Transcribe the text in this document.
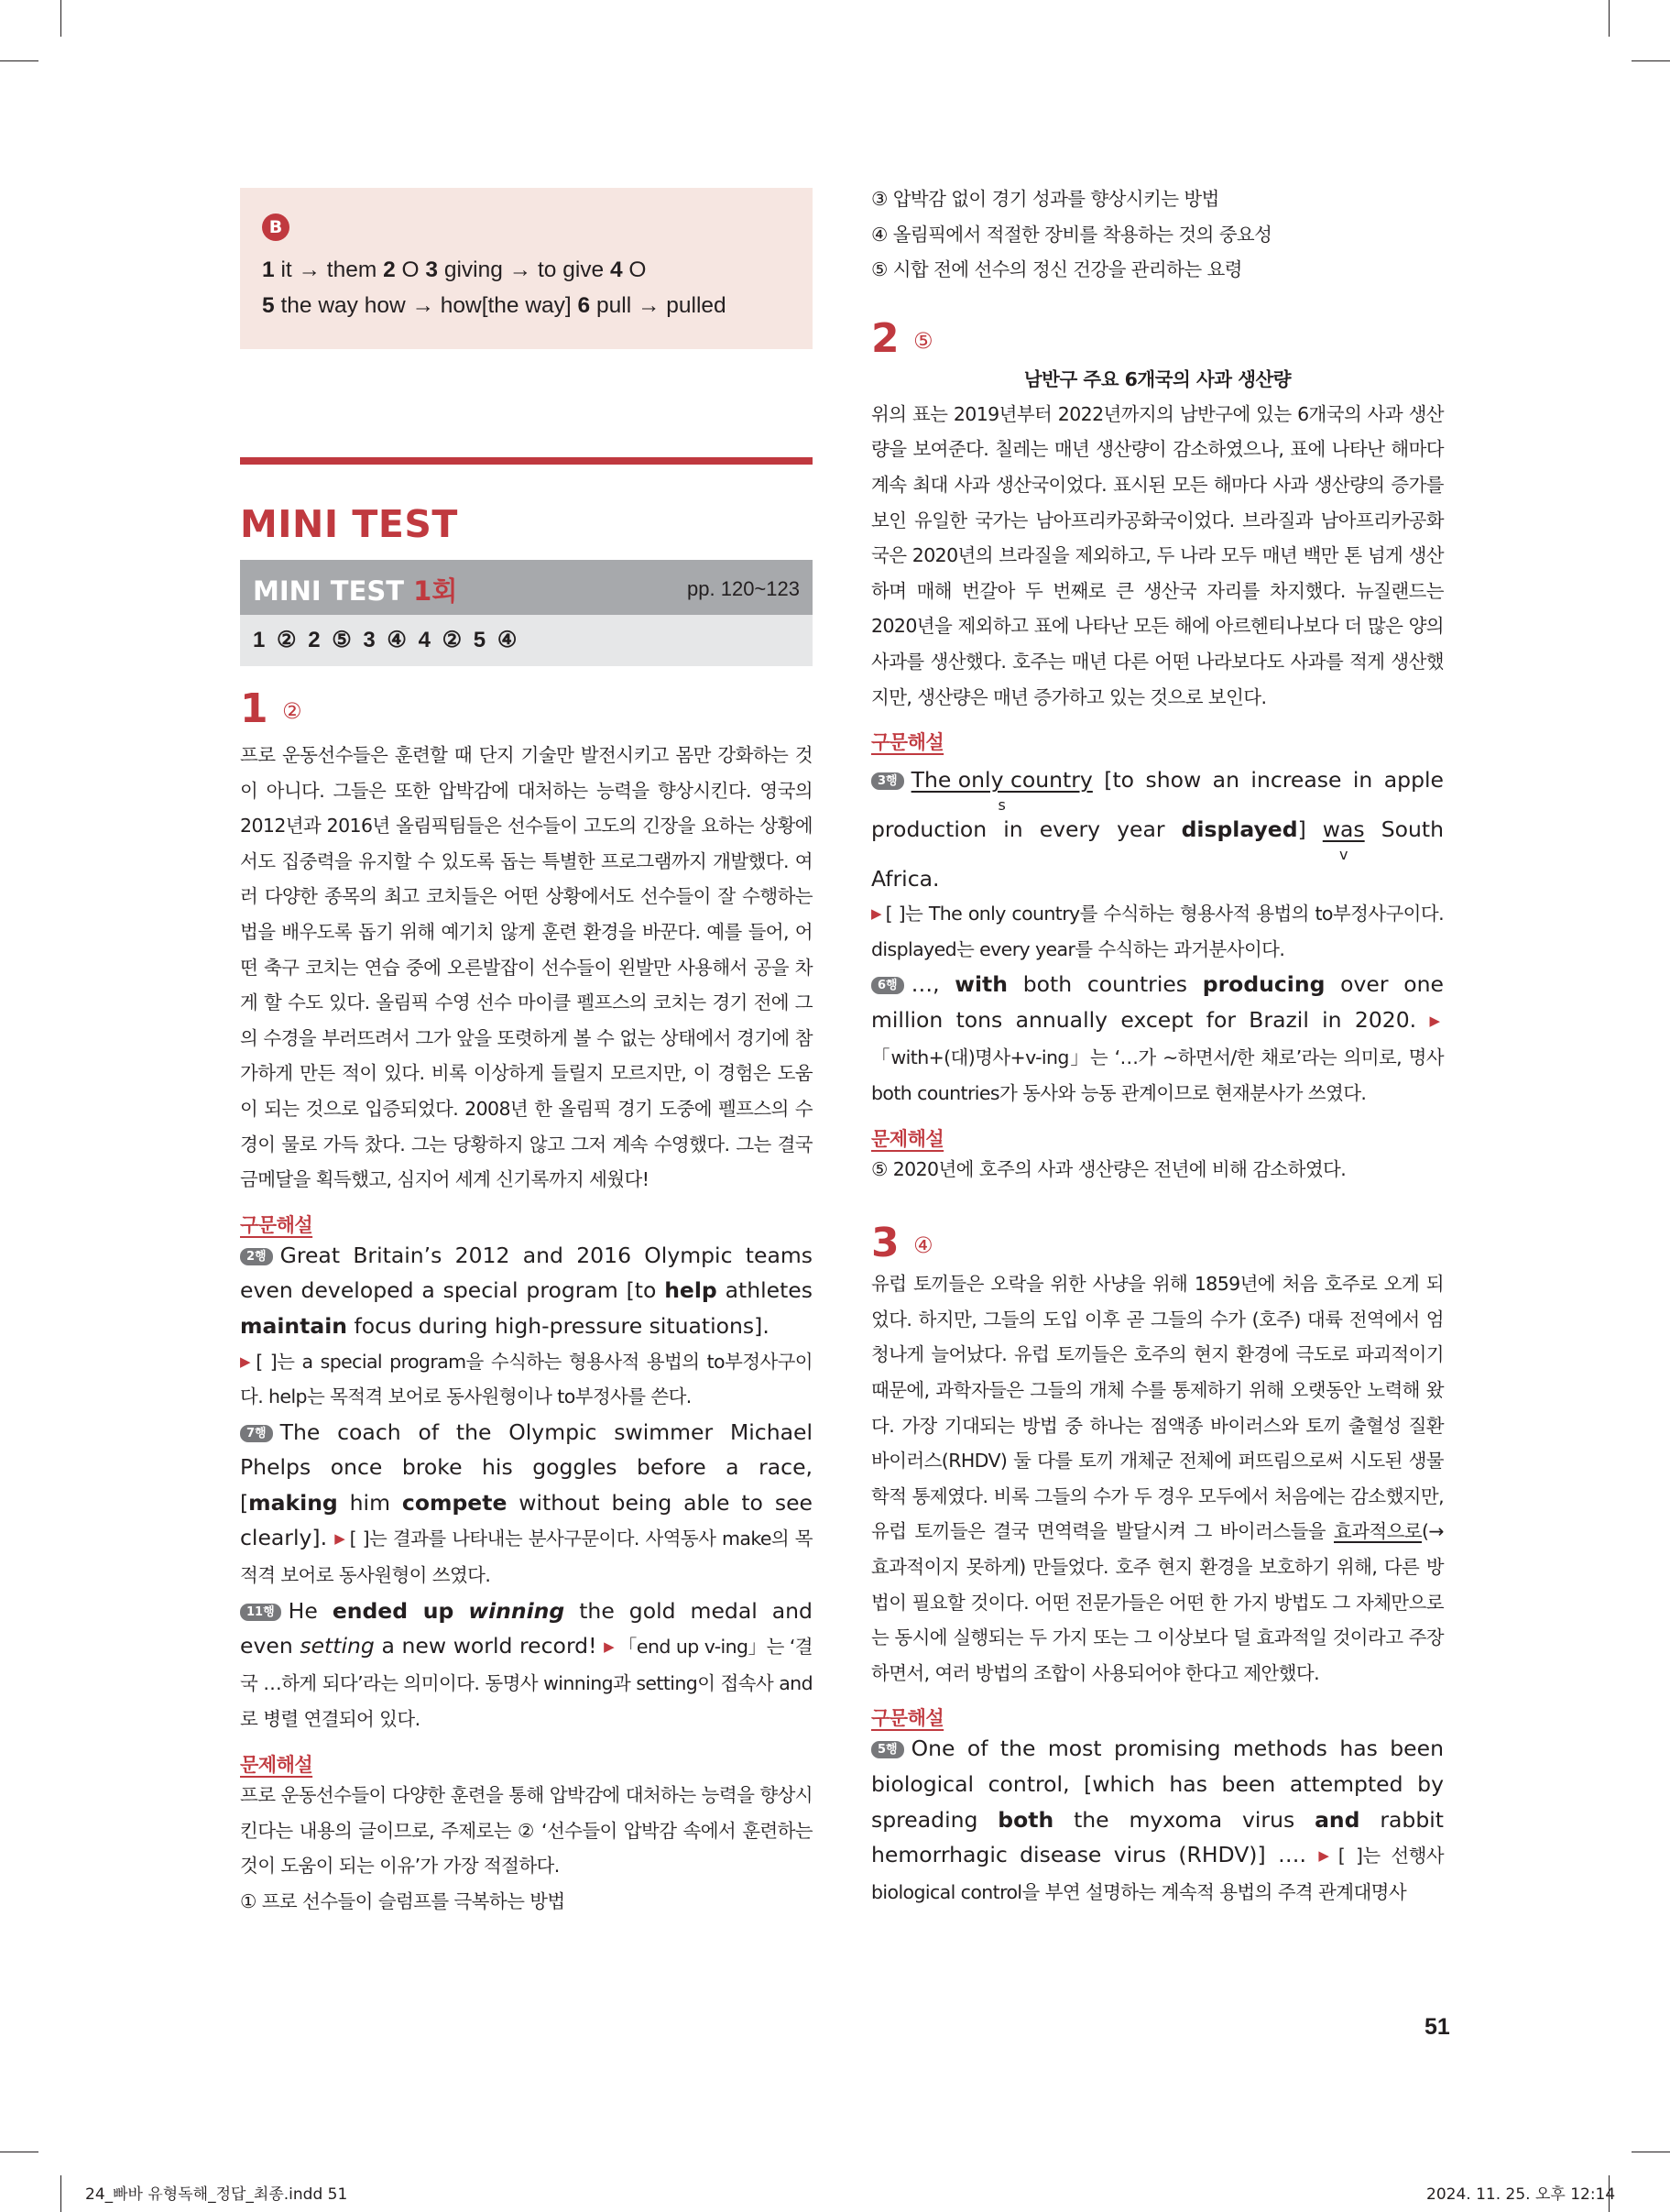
B
1 it → them 2 O 3 giving → to give 4 O
5 the way how → how[the way] 6 pull → pulled
MINI TEST
MINI TEST 1회	pp. 120~123
1 ② 2 ⑤ 3 ④ 4 ② 5 ④
1 ②

프로 운동선수들은 훈련할 때 단지 기술만 발전시키고 몸만 강화하는 것이 아니다. 그들은 또한 압박감에 대처하는 능력을 향상시킨다. 영국의 2012년과 2016년 올림픽팀들은 선수들이 고도의 긴장을 요하는 상황에서도 집중력을 유지할 수 있도록 돕는 특별한 프로그램까지 개발했다. 여러 다양한 종목의 최고 코치들은 어떤 상황에서도 선수들이 잘 수행하는 법을 배우도록 돕기 위해 예기치 않게 훈련 환경을 바꾼다. 예를 들어, 어떤 축구 코치는 연습 중에 오른발잡이 선수들이 왼발만 사용해서 공을 차게 할 수도 있다. 올림픽 수영 선수 마이클 펠프스의 코치는 경기 전에 그의 수경을 부러뜨려서 그가 앞을 또렷하게 볼 수 없는 상태에서 경기에 참가하게 만든 적이 있다. 비록 이상하게 들릴지 모르지만, 이 경험은 도움이 되는 것으로 입증되었다. 2008년 한 올림픽 경기 도중에 펠프스의 수경이 물로 가득 찼다. 그는 당황하지 않고 그저 계속 수영했다. 그는 결국 금메달을 획득했고, 심지어 세계 신기록까지 세웠다!

구문해설

2행 Great Britain’s 2012 and 2016 Olympic teams even developed a special program [to help athletes maintain focus during high-pressure situations].

▶ [ ]는 a special program을 수식하는 형용사적 용법의 to부정사구이다. help는 목적격 보어로 동사원형이나 to부정사를 쓴다.

7행 The coach of the Olympic swimmer Michael Phelps once broke his goggles before a race, [making him compete without being able to see clearly]. ▶ [ ]는 결과를 나타내는 분사구문이다. 사역동사 make의 목적격 보어로 동사원형이 쓰였다.

11행 He ended up winning the gold medal and even setting a new world record! ▶ 「end up v-ing」는 ‘결국 …하게 되다’라는 의미이다. 동명사 winning과 setting이 접속사 and로 병렬 연결되어 있다.

문제해설

프로 운동선수들이 다양한 훈련을 통해 압박감에 대처하는 능력을 향상시킨다는 내용의 글이므로, 주제로는 ② ‘선수들이 압박감 속에서 훈련하는 것이 도움이 되는 이유’가 가장 적절하다.

① 프로 선수들이 슬럼프를 극복하는 방법

③ 압박감 없이 경기 성과를 향상시키는 방법

④ 올림픽에서 적절한 장비를 착용하는 것의 중요성

⑤ 시합 전에 선수의 정신 건강을 관리하는 요령

2 ⑤
남반구 주요 6개국의 사과 생산량

위의 표는 2019년부터 2022년까지의 남반구에 있는 6개국의 사과 생산량을 보여준다. 칠레는 매년 생산량이 감소하였으나, 표에 나타난 해마다 계속 최대 사과 생산국이었다. 표시된 모든 해마다 사과 생산량의 증가를 보인 유일한 국가는 남아프리카공화국이었다. 브라질과 남아프리카공화국은 2020년의 브라질을 제외하고, 두 나라 모두 매년 백만 톤 넘게 생산하며 매해 번갈아 두 번째로 큰 생산국 자리를 차지했다. 뉴질랜드는 2020년을 제외하고 표에 나타난 모든 해에 아르헨티나보다 더 많은 양의 사과를 생산했다. 호주는 매년 다른 어떤 나라보다도 사과를 적게 생산했지만, 생산량은 매년 증가하고 있는 것으로 보인다.

구문해설

3행 The only country
s
[to show an increase in apple production in every year displayed] was
v
South Africa.

▶ [ ]는 The only country를 수식하는 형용사적 용법의 to부정사구이다. displayed는 every year를 수식하는 과거분사이다.

6행 …, with both countries producing over one million tons annually except for Brazil in 2020. ▶「with+(대)명사+v-ing」는 ‘…가 ~하면서/한 채로’라는 의미로, 명사 both countries가 동사와 능동 관계이므로 현재분사가 쓰였다.

문제해설

⑤ 2020년에 호주의 사과 생산량은 전년에 비해 감소하였다.

3 ④

유럽 토끼들은 오락을 위한 사냥을 위해 1859년에 처음 호주로 오게 되었다. 하지만, 그들의 도입 이후 곧 그들의 수가 (호주) 대륙 전역에서 엄청나게 늘어났다. 유럽 토끼들은 호주의 현지 환경에 극도로 파괴적이기 때문에, 과학자들은 그들의 개체 수를 통제하기 위해 오랫동안 노력해 왔다. 가장 기대되는 방법 중 하나는 점액종 바이러스와 토끼 출혈성 질환 바이러스(RHDV) 둘 다를 토끼 개체군 전체에 퍼뜨림으로써 시도된 생물학적 통제였다. 비록 그들의 수가 두 경우 모두에서 처음에는 감소했지만, 유럽 토끼들은 결국 면역력을 발달시켜 그 바이러스들을 효과적으로(→ 효과적이지 못하게) 만들었다. 호주 현지 환경을 보호하기 위해, 다른 방법이 필요할 것이다. 어떤 전문가들은 어떤 한 가지 방법도 그 자체만으로는 동시에 실행되는 두 가지 또는 그 이상보다 덜 효과적일 것이라고 주장하면서, 여러 방법의 조합이 사용되어야 한다고 제안했다.

구문해설

5행 One of the most promising methods has been biological control, [which has been attempted by spreading both the myxoma virus and rabbit hemorrhagic disease virus (RHDV)] …. ▶ [ ]는 선행사 biological control을 부연 설명하는 계속적 용법의 주격 관계대명사

51
24_빠바 유형독해_정답_최종.indd 51	2024. 11. 25. 오후 12:14
